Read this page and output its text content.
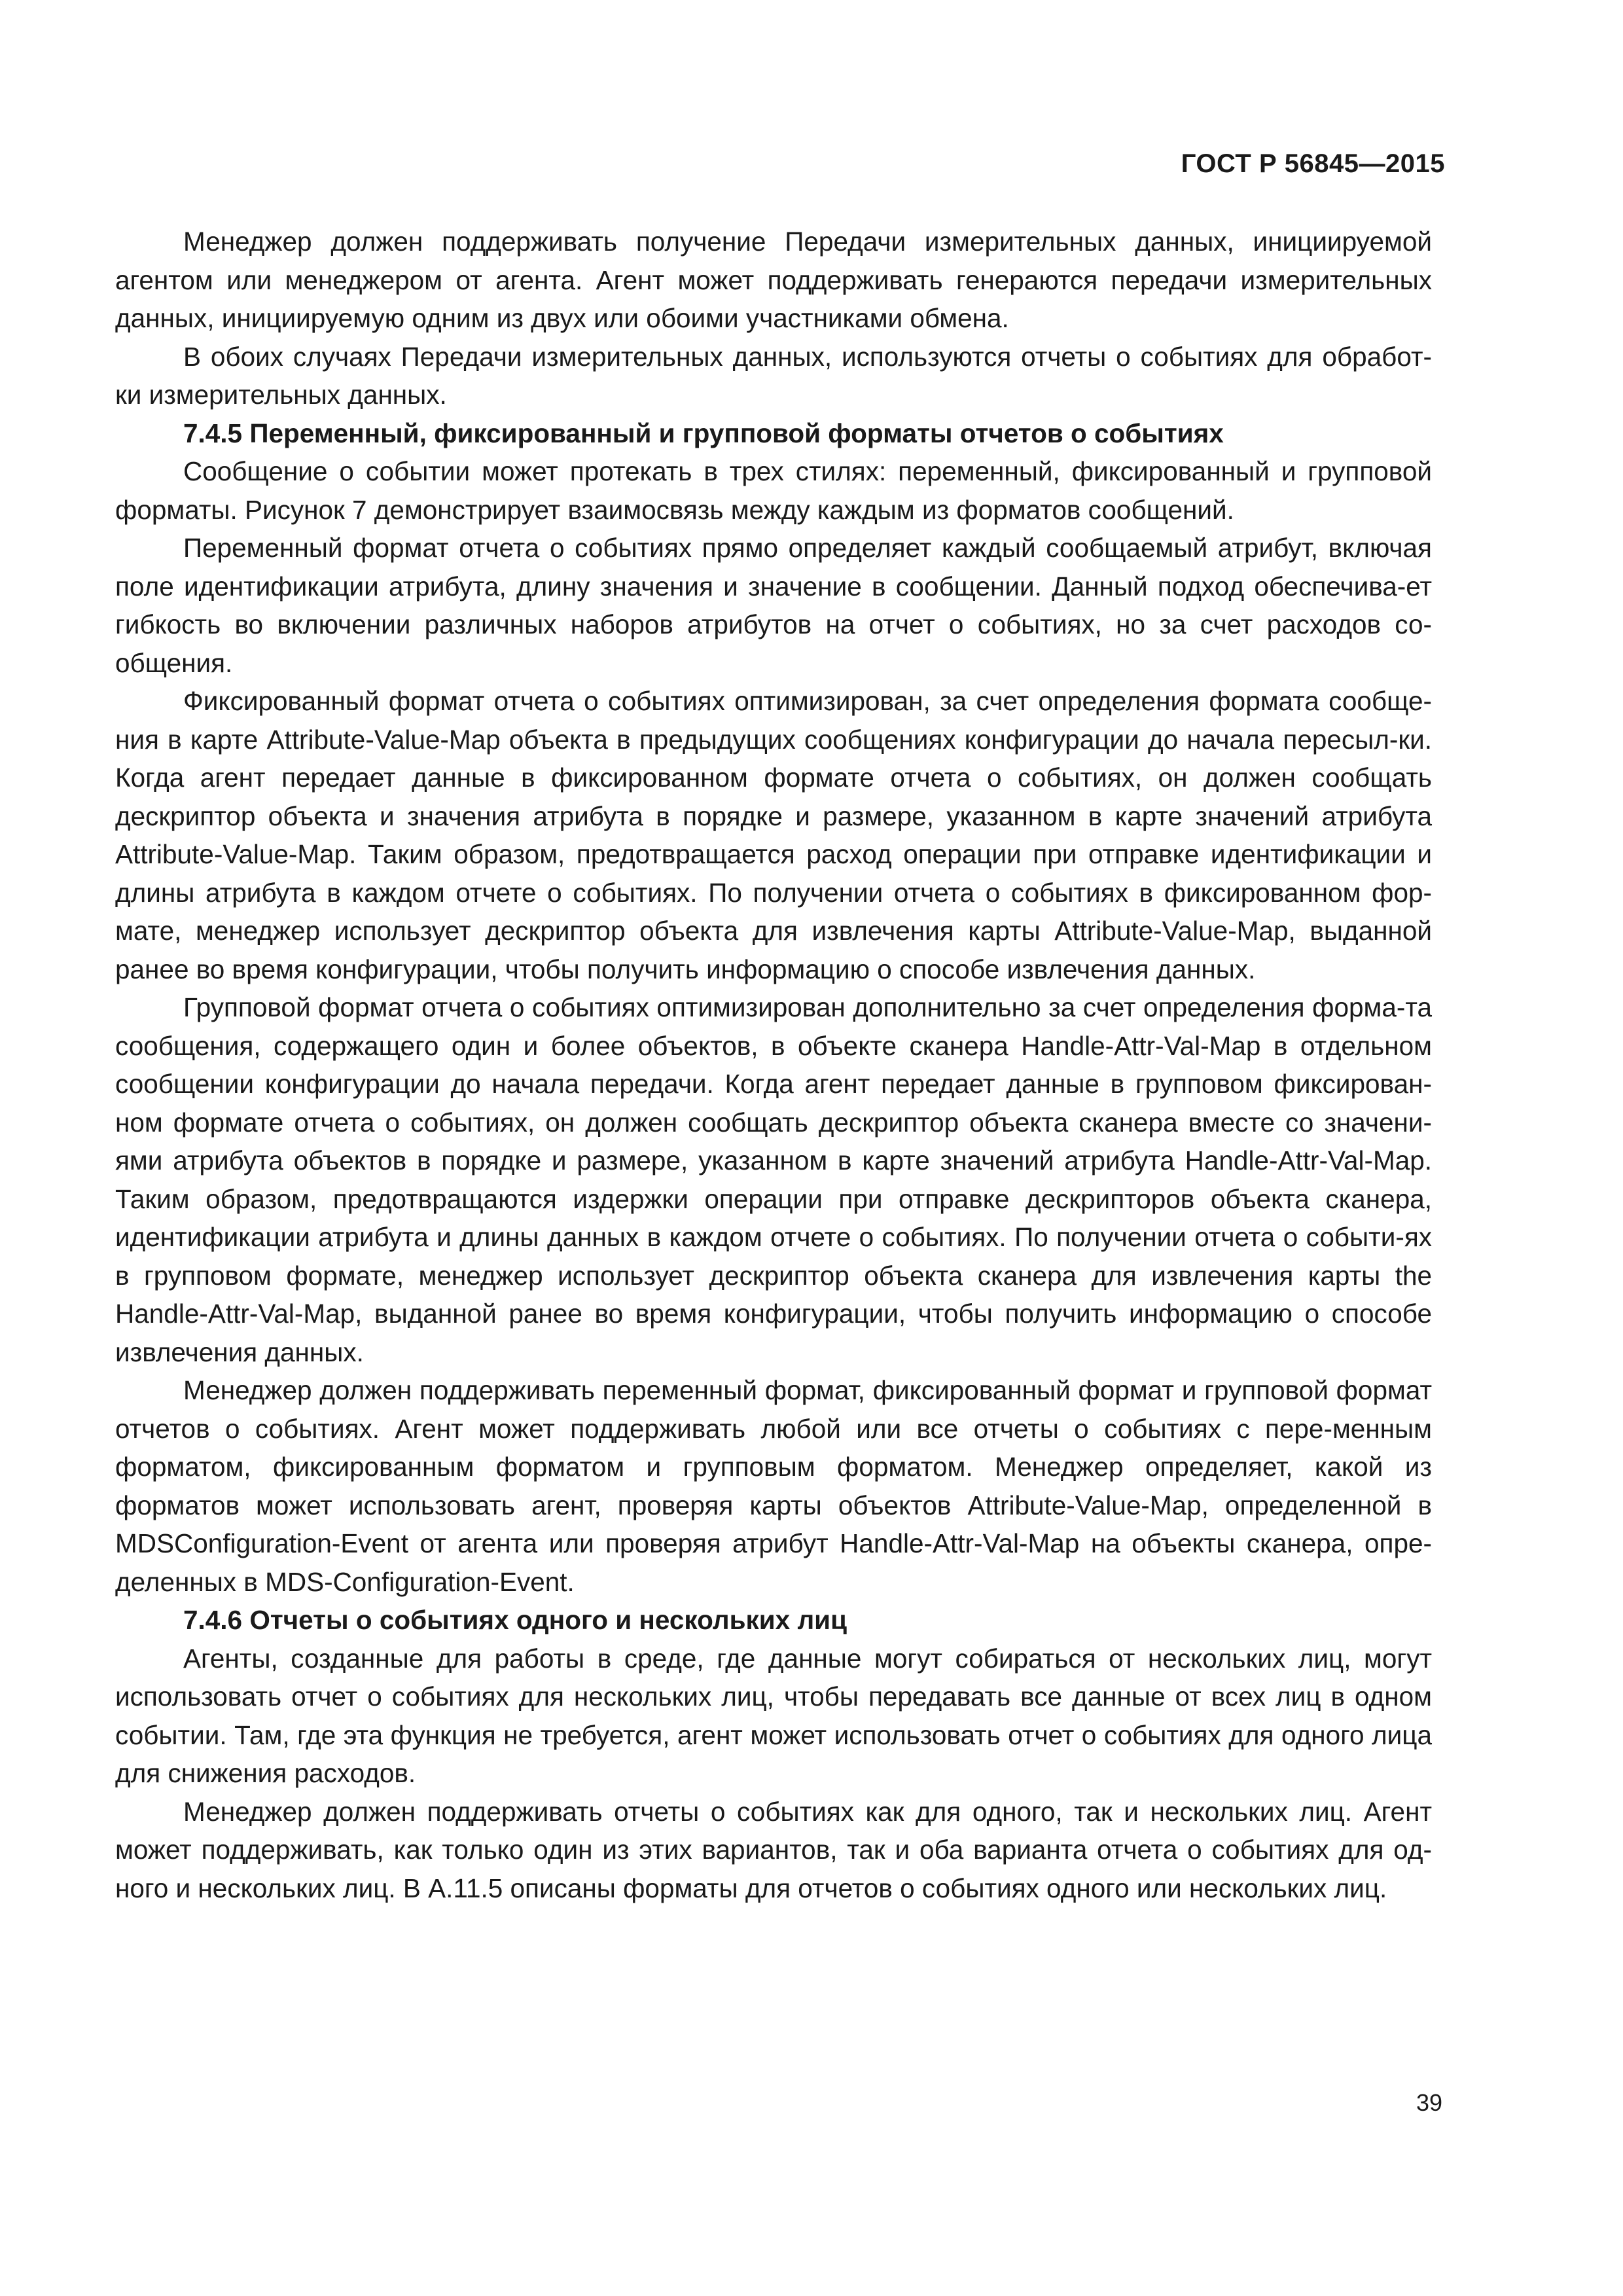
ГОСТ Р 56845—2015

Менеджер должен поддерживать получение Передачи измерительных данных, инициируемой агентом или менеджером от агента. Агент может поддерживать генераются передачи измерительных данных, инициируемую одним из двух или обоими участниками обмена.

В обоих случаях Передачи измерительных данных, используются отчеты о событиях для обработ-ки измерительных данных.

7.4.5 Переменный, фиксированный и групповой форматы отчетов о событиях

Сообщение о событии может протекать в трех стилях: переменный, фиксированный и групповой форматы. Рисунок 7 демонстрирует взаимосвязь между каждым из форматов сообщений.

Переменный формат отчета о событиях прямо определяет каждый сообщаемый атрибут, включая поле идентификации атрибута, длину значения и значение в сообщении. Данный подход обеспечива-ет гибкость во включении различных наборов атрибутов на отчет о событиях, но за счет расходов со-общения.

Фиксированный формат отчета о событиях оптимизирован, за счет определения формата сообще-ния в карте Attribute-Value-Map объекта в предыдущих сообщениях конфигурации до начала пересыл-ки. Когда агент передает данные в фиксированном формате отчета о событиях, он должен сообщать дескриптор объекта и значения атрибута в порядке и размере, указанном в карте значений атрибута Attribute-Value-Map. Таким образом, предотвращается расход операции при отправке идентификации и длины атрибута в каждом отчете о событиях. По получении отчета о событиях в фиксированном фор-мате, менеджер использует дескриптор объекта для извлечения карты Attribute-Value-Map, выданной ранее во время конфигурации, чтобы получить информацию о способе извлечения данных.

Групповой формат отчета о событиях оптимизирован дополнительно за счет определения форма-та сообщения, содержащего один и более объектов, в объекте сканера Handle-Attr-Val-Map в отдельном сообщении конфигурации до начала передачи. Когда агент передает данные в групповом фиксирован-ном формате отчета о событиях, он должен сообщать дескриптор объекта сканера вместе со значени-ями атрибута объектов в порядке и размере, указанном в карте значений атрибута Handle-Attr-Val-Map. Таким образом, предотвращаются издержки операции при отправке дескрипторов объекта сканера, идентификации атрибута и длины данных в каждом отчете о событиях. По получении отчета о событи-ях в групповом формате, менеджер использует дескриптор объекта сканера для извлечения карты the Handle-Attr-Val-Map, выданной ранее во время конфигурации, чтобы получить информацию о способе извлечения данных.

Менеджер должен поддерживать переменный формат, фиксированный формат и групповой формат отчетов о событиях. Агент может поддерживать любой или все отчеты о событиях с пере-менным форматом, фиксированным форматом и групповым форматом. Менеджер определяет, какой из форматов может использовать агент, проверяя карты объектов Attribute-Value-Map, определенной в MDSConfiguration-Event от агента или проверяя атрибут Handle-Attr-Val-Map на объекты сканера, опре-деленных в MDS-Configuration-Event.

7.4.6 Отчеты о событиях одного и нескольких лиц

Агенты, созданные для работы в среде, где данные могут собираться от нескольких лиц, могут использовать отчет о событиях для нескольких лиц, чтобы передавать все данные от всех лиц в одном событии. Там, где эта функция не требуется, агент может использовать отчет о событиях для одного лица для снижения расходов.

Менеджер должен поддерживать отчеты о событиях как для одного, так и нескольких лиц. Агент может поддерживать, как только один из этих вариантов, так и оба варианта отчета о событиях для од-ного и нескольких лиц. В А.11.5 описаны форматы для отчетов о событиях одного или нескольких лиц.

39
